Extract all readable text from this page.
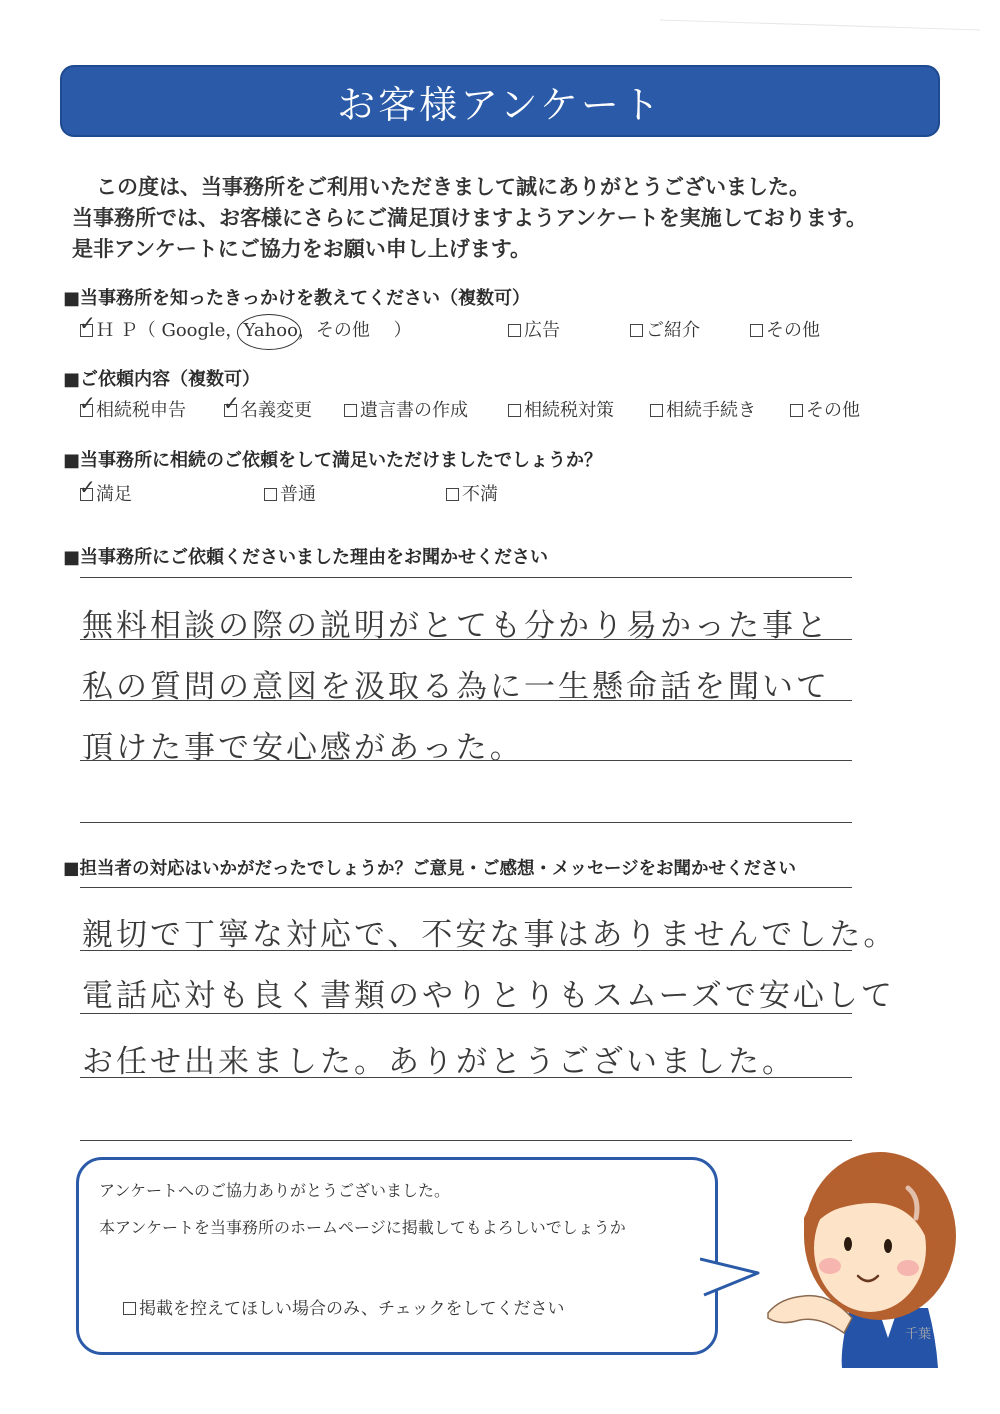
お客様アンケート
この度は、当事務所をご利用いただきまして誠にありがとうございました。
当事務所では、お客様にさらにご満足頂けますようアンケートを実施しております。
是非アンケートにご協力をお願い申し上げます。
■当事務所を知ったきっかけを教えてください（複数可）
✓ Ｈ Ｐ（ Google，Yahoo
，その他　 ）	広告	ご紹介	その他
■ご依頼内容（複数可）
✓ 相続税申告 ✓ 名義変更	遺言書の作成	相続税対策	相続手続き	その他
■当事務所に相続のご依頼をして満足いただけましたでしょうか？
✓ 満足	普通	不満
■当事務所にご依頼くださいました理由をお聞かせください
無料相談の際の説明がとても分かり易かった事と
私の質問の意図を汲取る為に一生懸命話を聞いて
頂けた事で安心感があった。
■担当者の対応はいかがだったでしょうか？ご意見・ご感想・メッセージをお聞かせください
親切で丁寧な対応で、不安な事はありませんでした。
電話応対も良く書類のやりとりもスムーズで安心して
お任せ出来ました。ありがとうございました。
アンケートへのご協力ありがとうございました。
本アンケートを当事務所のホームページに掲載してもよろしいでしょうか
掲載を控えてほしい場合のみ、チェックをしてください
千葉
